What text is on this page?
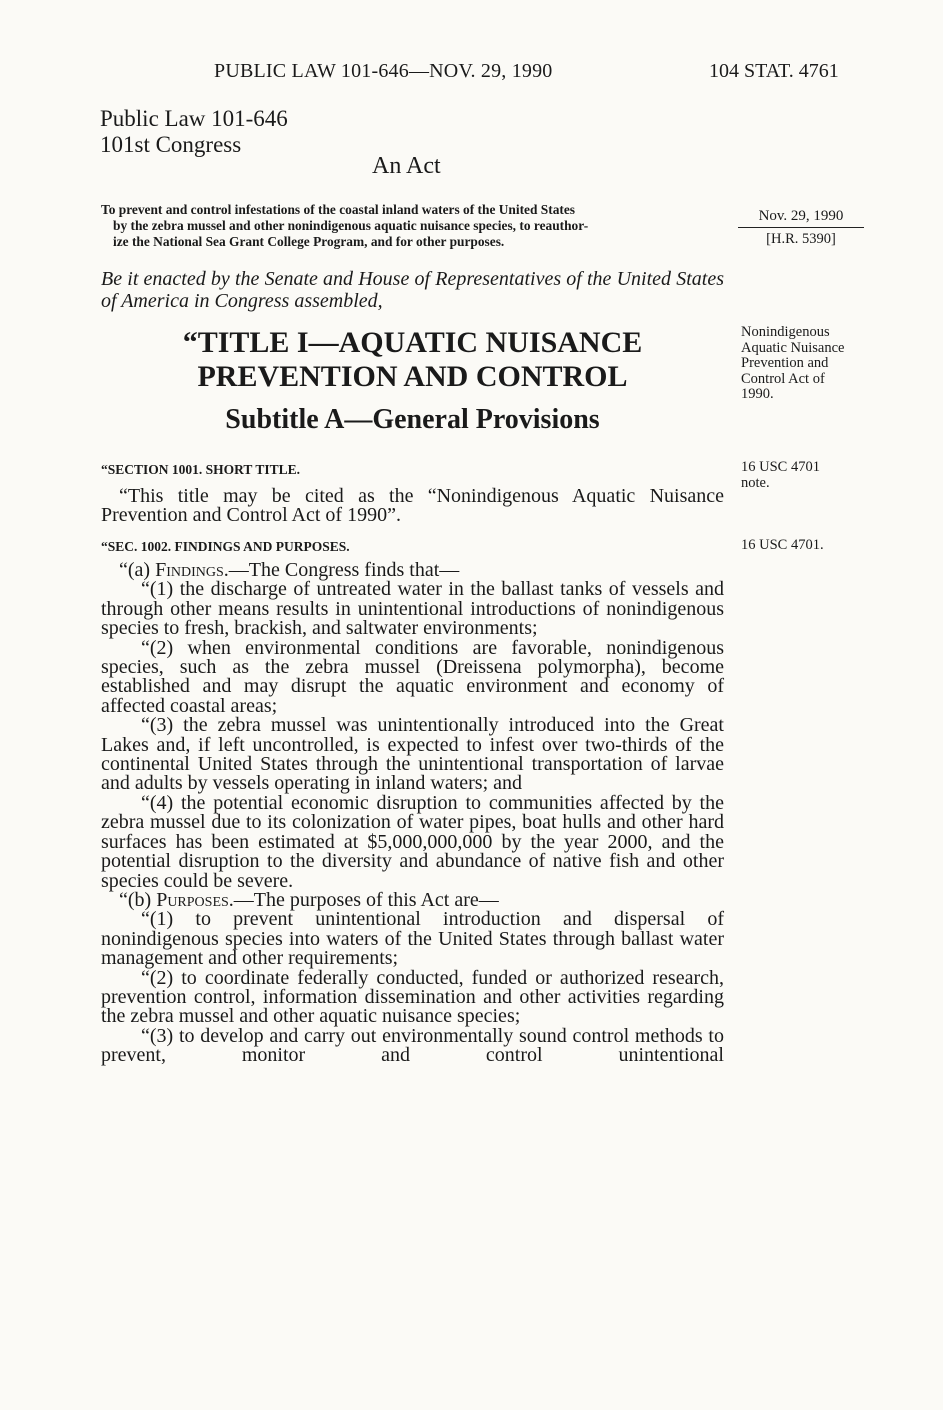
PUBLIC LAW 101-646—NOV. 29, 1990	104 STAT. 4761
Public Law 101-646
101st Congress
An Act
To prevent and control infestations of the coastal inland waters of the United States
by the zebra mussel and other nonindigenous aquatic nuisance species, to reauthor-
ize the National Sea Grant College Program, and for other purposes.
Nov. 29, 1990
[H.R. 5390]
Be it enacted by the Senate and House of Representatives of the United States of America in Congress assembled,
“TITLE I—AQUATIC NUISANCE
PREVENTION AND CONTROL
Subtitle A—General Provisions
Nonindigenous Aquatic Nuisance Prevention and Control Act of 1990.
16 USC 4701 note.
16 USC 4701.
“SECTION 1001. SHORT TITLE.
“This title may be cited as the “Nonindigenous Aquatic Nuisance Prevention and Control Act of 1990”.
“SEC. 1002. FINDINGS AND PURPOSES.
“(a) Findings.—The Congress finds that—
“(1) the discharge of untreated water in the ballast tanks of vessels and through other means results in unintentional introductions of nonindigenous species to fresh, brackish, and saltwater environments;
“(2) when environmental conditions are favorable, nonindigenous species, such as the zebra mussel (Dreissena polymorpha), become established and may disrupt the aquatic environment and economy of affected coastal areas;
“(3) the zebra mussel was unintentionally introduced into the Great Lakes and, if left uncontrolled, is expected to infest over two-thirds of the continental United States through the unintentional transportation of larvae and adults by vessels operating in inland waters; and
“(4) the potential economic disruption to communities affected by the zebra mussel due to its colonization of water pipes, boat hulls and other hard surfaces has been estimated at $5,000,000,000 by the year 2000, and the potential disruption to the diversity and abundance of native fish and other species could be severe.
“(b) Purposes.—The purposes of this Act are—
“(1) to prevent unintentional introduction and dispersal of nonindigenous species into waters of the United States through ballast water management and other requirements;
“(2) to coordinate federally conducted, funded or authorized research, prevention control, information dissemination and other activities regarding the zebra mussel and other aquatic nuisance species;
“(3) to develop and carry out environmentally sound control methods to prevent, monitor and control unintentional
